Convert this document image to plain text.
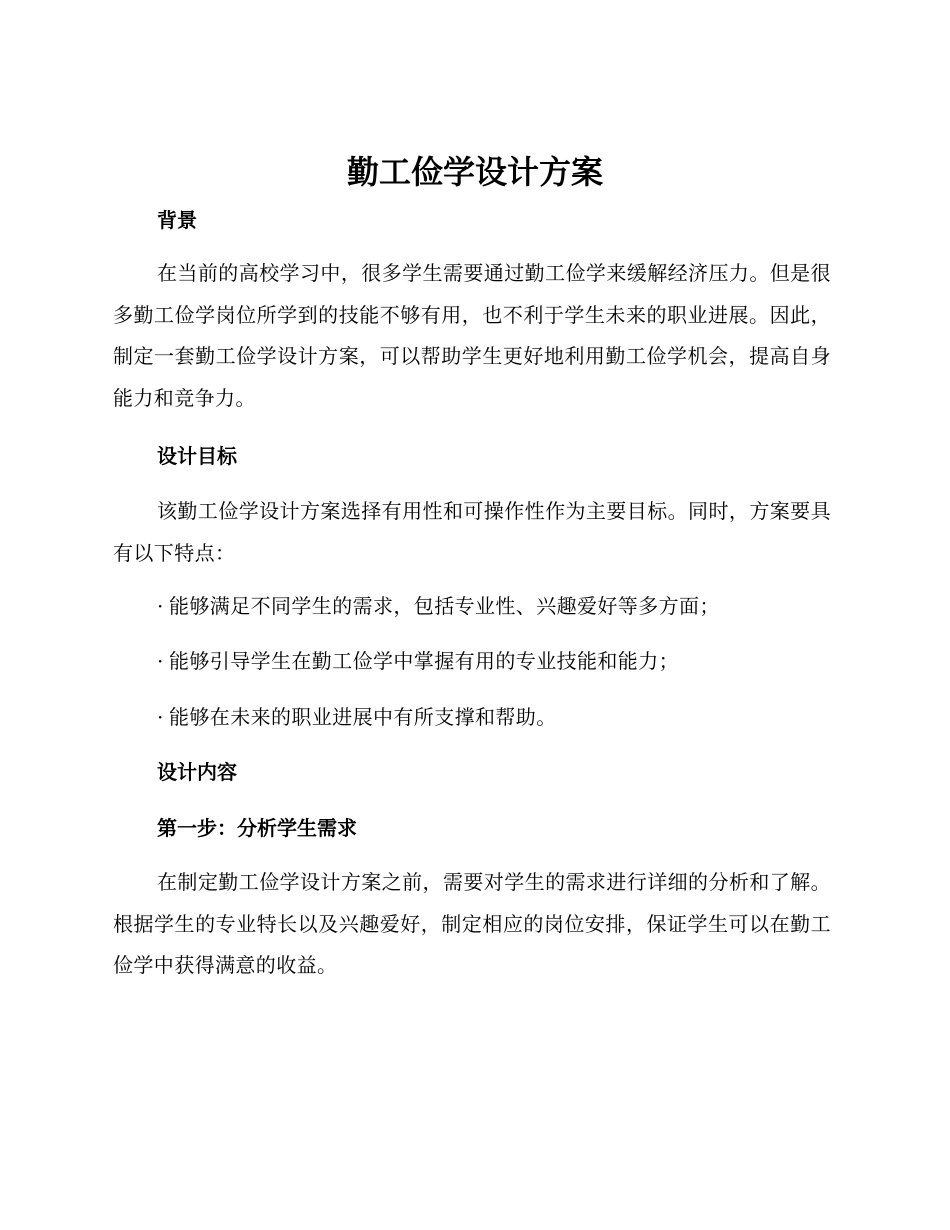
勤工俭学设计方案
背景

在当前的高校学习中，很多学生需要通过勤工俭学来缓解经济压力。但是很多勤工俭学岗位所学到的技能不够有用，也不利于学生未来的职业进展。因此，制定一套勤工俭学设计方案，可以帮助学生更好地利用勤工俭学机会，提高自身能力和竞争力。

设计目标

该勤工俭学设计方案选择有用性和可操作性作为主要目标。同时，方案要具有以下特点：

· 能够满足不同学生的需求，包括专业性、兴趣爱好等多方面；

· 能够引导学生在勤工俭学中掌握有用的专业技能和能力；

· 能够在未来的职业进展中有所支撑和帮助。

设计内容
第一步：分析学生需求

在制定勤工俭学设计方案之前，需要对学生的需求进行详细的分析和了解。根据学生的专业特长以及兴趣爱好，制定相应的岗位安排，保证学生可以在勤工俭学中获得满意的收益。
